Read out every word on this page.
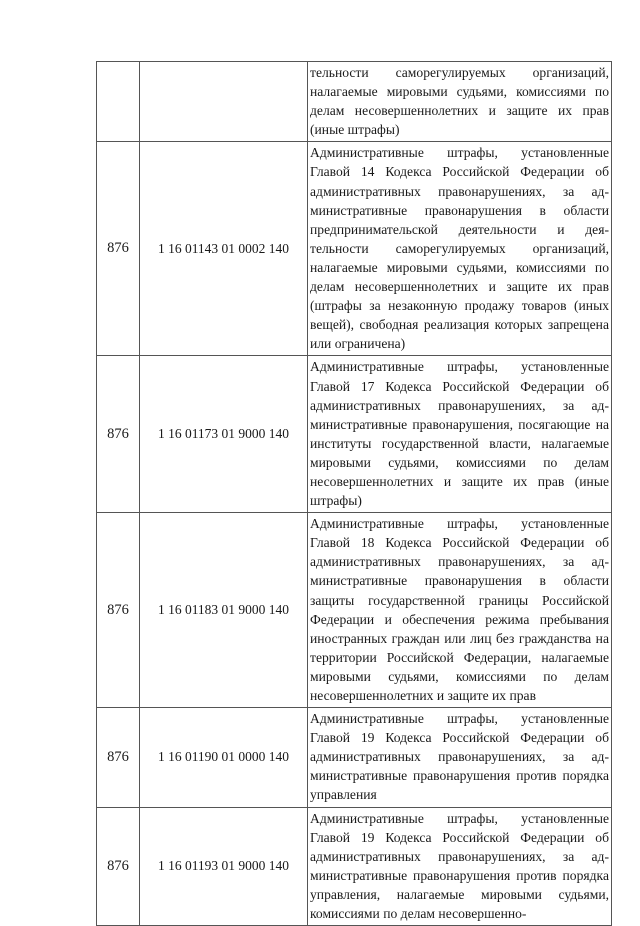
		тельности саморегулируемых организаций, налагаемые мировыми судьями, комиссиями по делам несовершеннолетних и защите их прав (иные штрафы)

876	1 16 01143 01 0002 140	Административные штрафы, установленные Главой 14 Кодекса Российской Федерации об административных правонарушениях, за административные правонарушения в области предпринимательской деятельности и деятельности саморегулируемых организаций, налагаемые мировыми судьями, комиссиями по делам несовершеннолетних и защите их прав (штрафы за незаконную продажу товаров (иных вещей), свободная реализация которых запрещена или ограничена)

876	1 16 01173 01 9000 140	Административные штрафы, установленные Главой 17 Кодекса Российской Федерации об административных правонарушениях, за административные правонарушения, посягающие на институты государственной власти, налагаемые мировыми судьями, комиссиями по делам несовершеннолетних и защите их прав (иные штрафы)

876	1 16 01183 01 9000 140	Административные штрафы, установленные Главой 18 Кодекса Российской Федерации об административных правонарушениях, за административные правонарушения в области защиты государственной границы Российской Федерации и обеспечения режима пребывания иностранных граждан или лиц без гражданства на территории Российской Федерации, налагаемые мировыми судьями, комиссиями по делам несовершеннолетних и защите их прав

876	1 16 01190 01 0000 140	Административные штрафы, установленные Главой 19 Кодекса Российской Федерации об административных правонарушениях, за административные правонарушения против порядка управления

876	1 16 01193 01 9000 140	Административные штрафы, установленные Главой 19 Кодекса Российской Федерации об административных правонарушениях, за административные правонарушения против порядка управления, налагаемые мировыми судьями, комиссиями по делам несовершенно-
